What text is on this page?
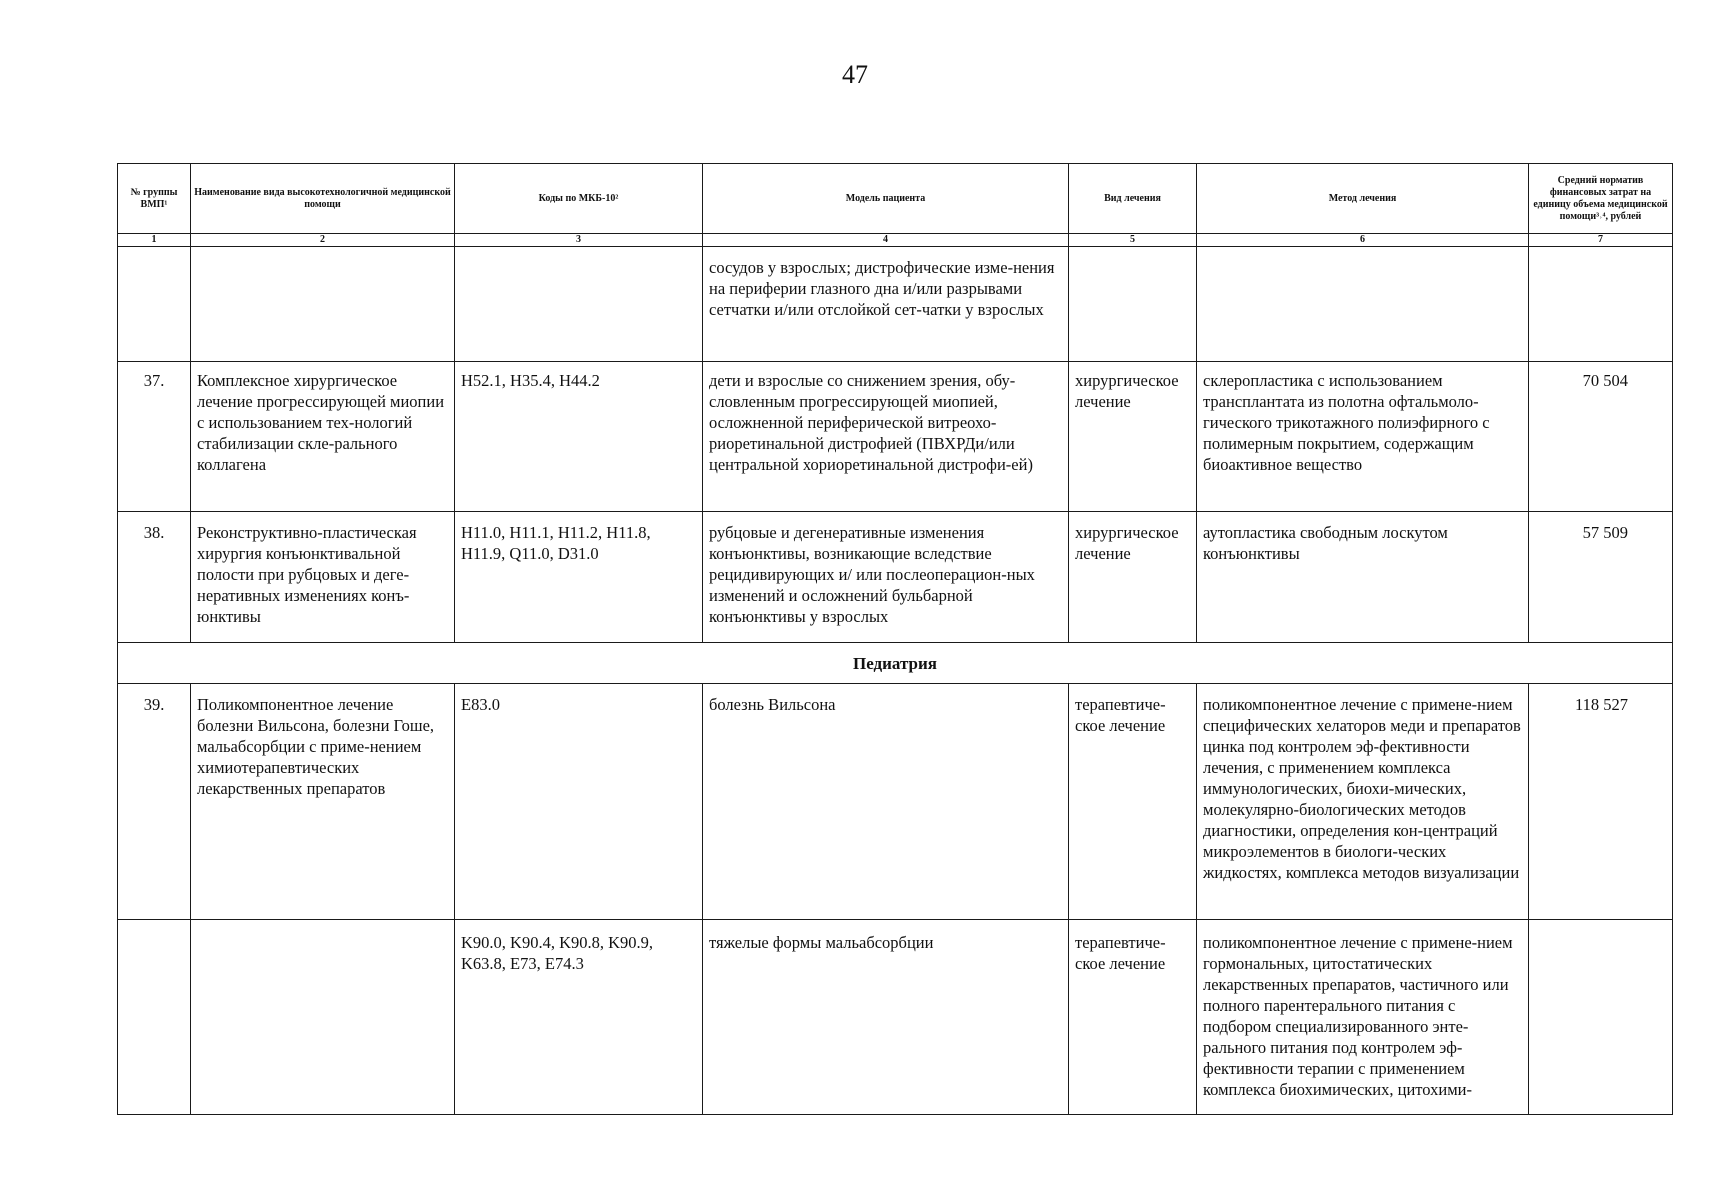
47
№ группы ВМП¹	Наименование вида высокотехнологичной медицинской помощи	Коды по МКБ-10²	Модель пациента	Вид лечения	Метод лечения	Средний норматив финансовых затрат на единицу объема медицинской помощи³˒⁴, рублей
1	2	3	4	5	6	7
			сосудов у взрослых; дистрофические изме-нения на периферии глазного дна и/или разрывами сетчатки и/или отслойкой сет-чатки у взрослых			
37.	Комплексное хирургическое лечение прогрессирующей миопии с использованием тех-нологий стабилизации скле-рального коллагена	H52.1, H35.4, H44.2	дети и взрослые со снижением зрения, обу-словленным прогрессирующей миопией, осложненной периферической витреохо-риоретинальной дистрофией (ПВХРДи/или центральной хориоретинальной дистрофи-ей)	хирургическое лечение	склеропластика с использованием трансплантата из полотна офтальмоло-гического трикотажного полиэфирного с полимерным покрытием, содержащим биоактивное вещество	70 504
38.	Реконструктивно-пластическая хирургия конъюнктивальной полости при рубцовых и деге-неративных изменениях конъ-юнктивы	H11.0, H11.1, H11.2, H11.8, H11.9, Q11.0, D31.0	рубцовые и дегенеративные изменения конъюнктивы, возникающие вследствие рецидивирующих и/ или послеоперацион-ных изменений и осложнений бульбарной конъюнктивы у взрослых	хирургическое лечение	аутопластика свободным лоскутом конъюнктивы	57 509
Педиатрия						
39.	Поликомпонентное лечение болезни Вильсона, болезни Гоше, мальабсорбции с приме-нением химиотерапевтических лекарственных препаратов	E83.0	болезнь Вильсона	терапевтиче-ское лечение	поликомпонентное лечение с примене-нием специфических хелаторов меди и препаратов цинка под контролем эф-фективности лечения, с применением комплекса иммунологических, биохи-мических, молекулярно-биологических методов диагностики, определения кон-центраций микроэлементов в биологи-ческих жидкостях, комплекса методов визуализации	118 527
		K90.0, K90.4, K90.8, K90.9, K63.8, E73, E74.3	тяжелые формы мальабсорбции	терапевтиче-ское лечение	поликомпонентное лечение с примене-нием гормональных, цитостатических лекарственных препаратов, частичного или полного парентерального питания с подбором специализированного энте-рального питания под контролем эф-фективности терапии с применением комплекса биохимических, цитохими-	
